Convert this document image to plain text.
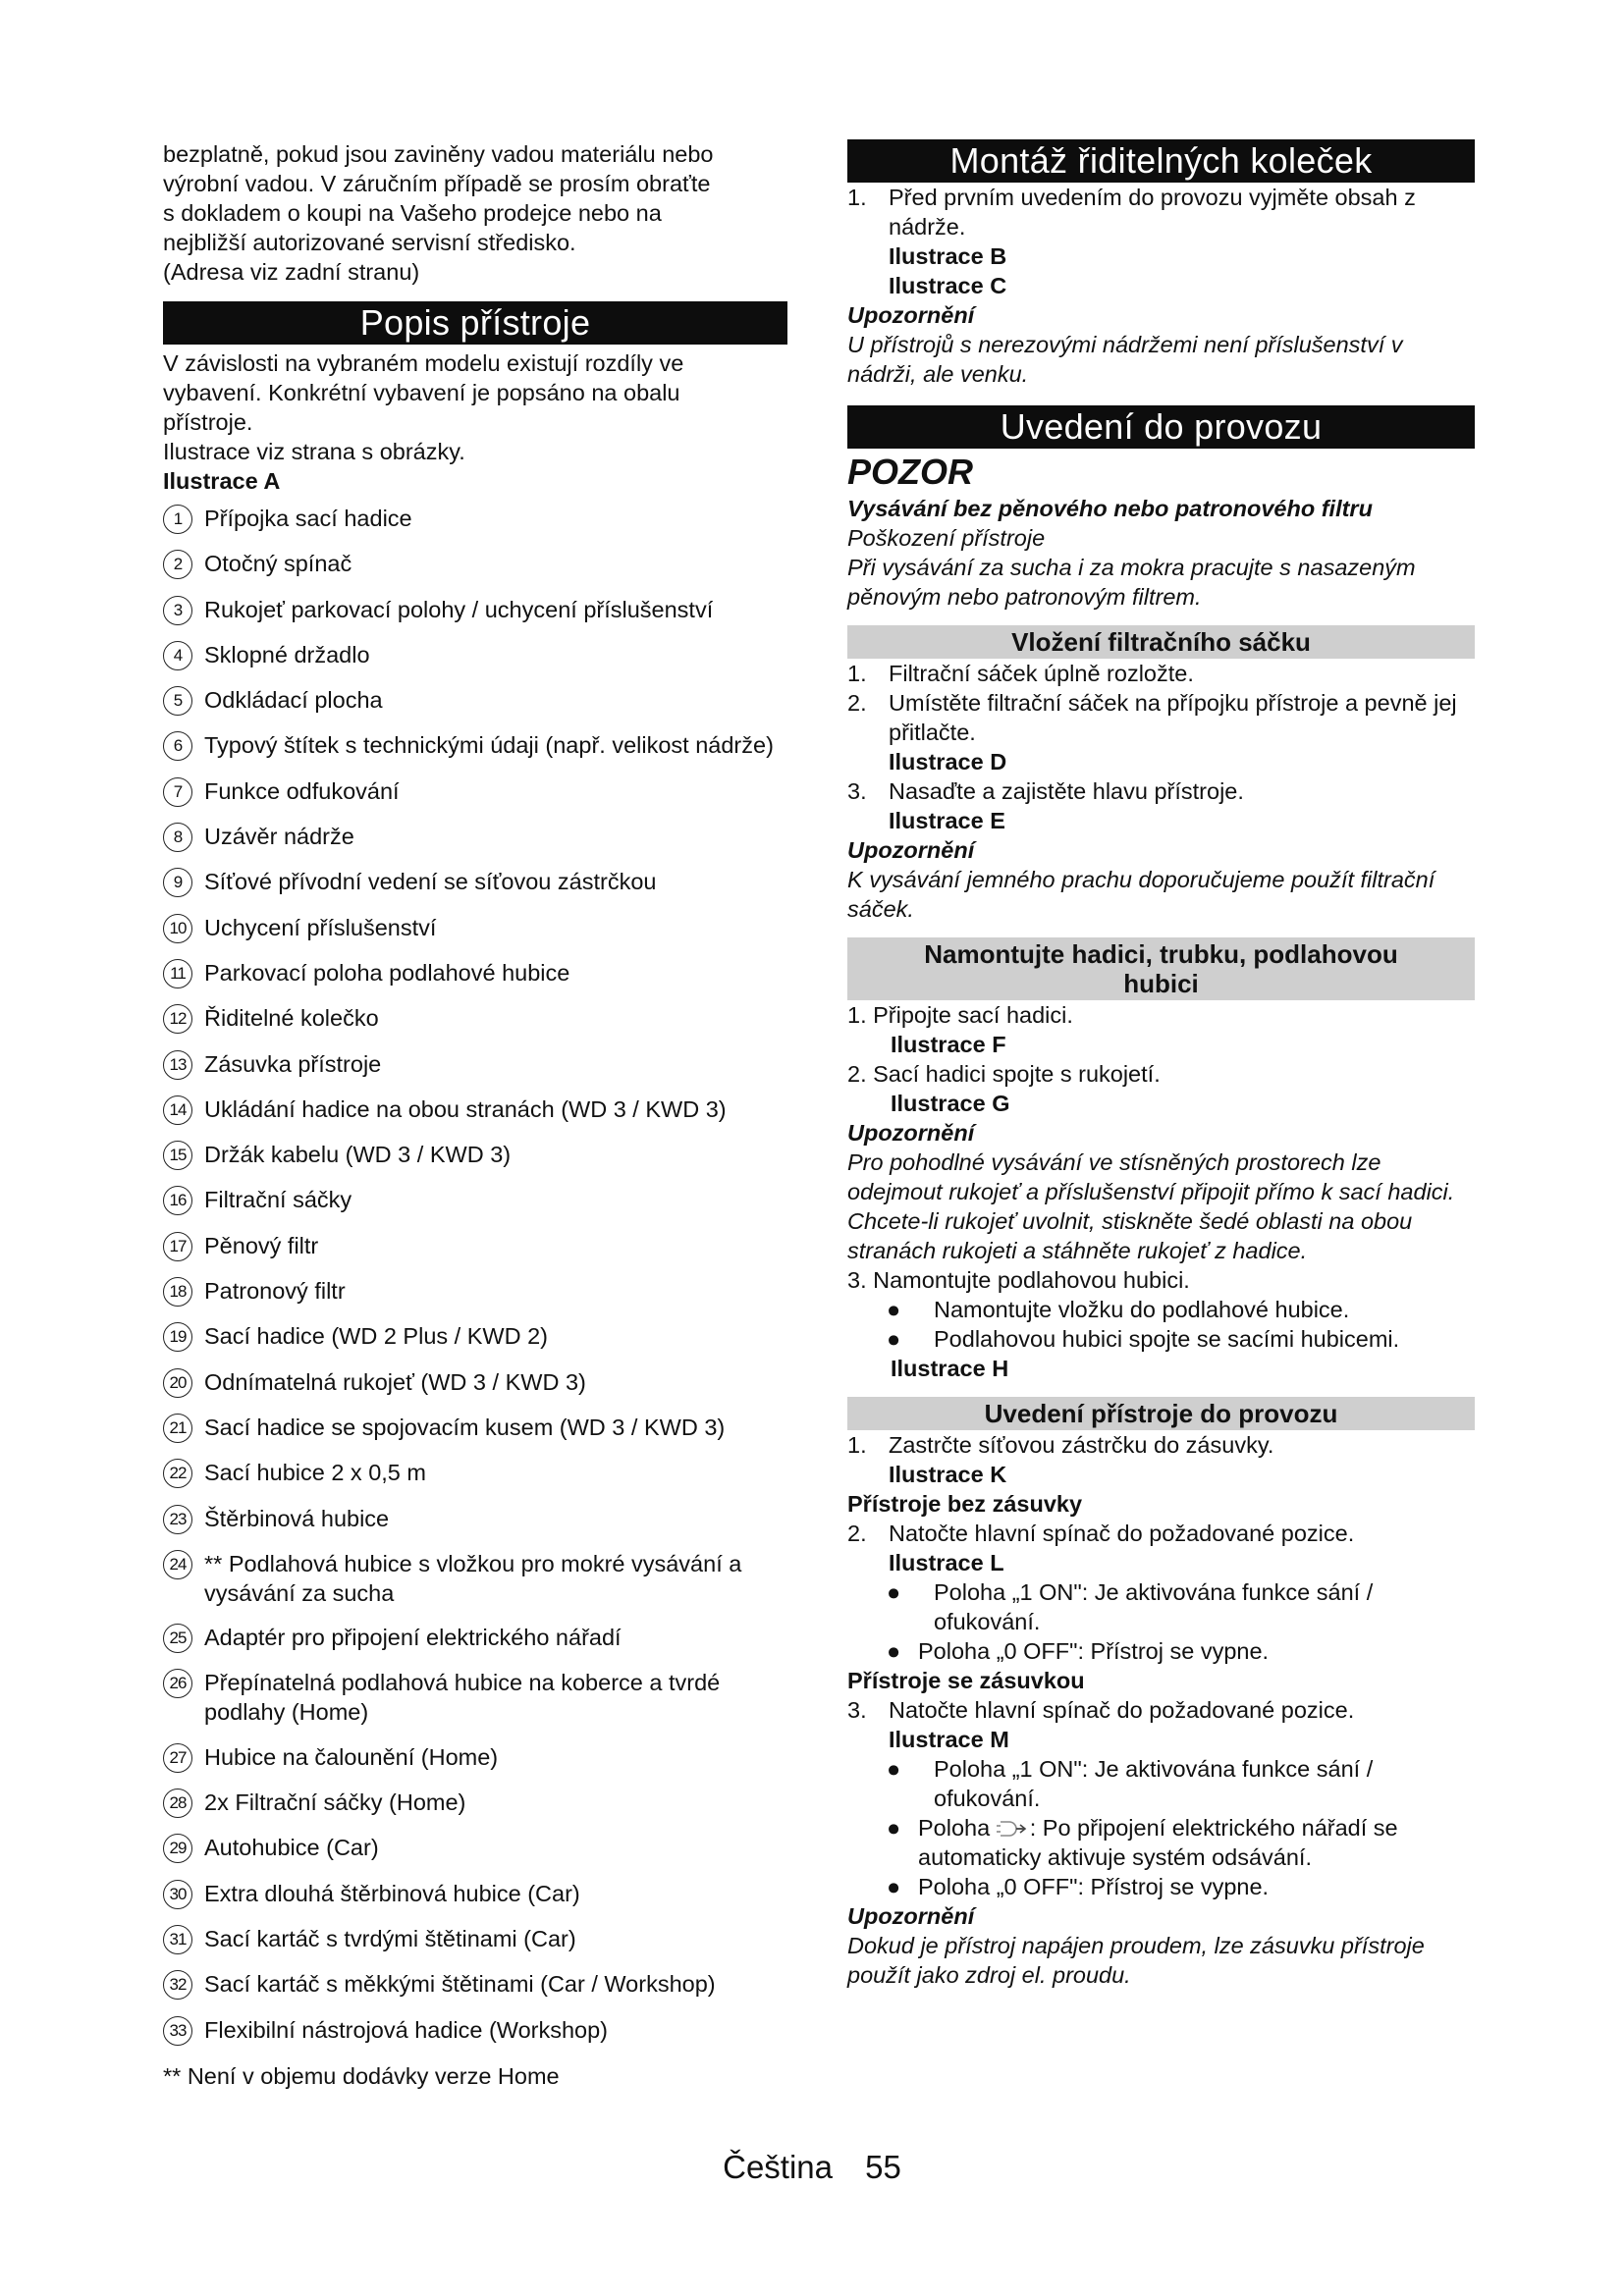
bezplatně, pokud jsou zaviněny vadou materiálu nebo

výrobní vadou. V záručním případě se prosím obraťte

s dokladem o koupi na Vašeho prodejce nebo na

nejbližší autorizované servisní středisko.

(Adresa viz zadní stranu)

Popis přístroje

V závislosti na vybraném modelu existují rozdíly ve

vybavení. Konkrétní vybavení je popsáno na obalu

přístroje.

Ilustrace viz strana s obrázky.

Ilustrace A

1 Přípojka sací hadice
2 Otočný spínač
3 Rukojeť parkovací polohy / uchycení příslušenství
4 Sklopné držadlo
5 Odkládací plocha
6 Typový štítek s technickými údaji (např. velikost nádrže)
7 Funkce odfukování
8 Uzávěr nádrže
9 Síťové přívodní vedení se síťovou zástrčkou
10 Uchycení příslušenství
11 Parkovací poloha podlahové hubice
12 Řiditelné kolečko
13 Zásuvka přístroje
14 Ukládání hadice na obou stranách (WD 3 / KWD 3)
15 Držák kabelu (WD 3 / KWD 3)
16 Filtrační sáčky
17 Pěnový filtr
18 Patronový filtr
19 Sací hadice (WD 2 Plus / KWD 2)
20 Odnímatelná rukojeť (WD 3 / KWD 3)
21 Sací hadice se spojovacím kusem (WD 3 / KWD 3)
22 Sací hubice 2 x 0,5 m
23 Štěrbinová hubice
24 ** Podlahová hubice s vložkou pro mokré vysávání a vysávání za sucha
25 Adaptér pro připojení elektrického nářadí
26 Přepínatelná podlahová hubice na koberce a tvrdé podlahy (Home)
27 Hubice na čalounění (Home)
28 2x Filtrační sáčky (Home)
29 Autohubice (Car)
30 Extra dlouhá štěrbinová hubice (Car)
31 Sací kartáč s tvrdými štětinami (Car)
32 Sací kartáč s měkkými štětinami (Car / Workshop)
33 Flexibilní nástrojová hadice (Workshop)

** Není v objemu dodávky verze Home

Montáž řiditelných koleček
1. Před prvním uvedením do provozu vyjměte obsah z nádrže.

Ilustrace B

Ilustrace C

Upozornění

U přístrojů s nerezovými nádržemi není příslušenství v nádrži, ale venku.

Uvedení do provozu

POZOR

Vysávání bez pěnového nebo patronového filtru

Poškození přístroje

Při vysávání za sucha i za mokra pracujte s nasazeným pěnovým nebo patronovým filtrem.

Vložení filtračního sáčku
1. Filtrační sáček úplně rozložte.
2. Umístěte filtrační sáček na přípojku přístroje a pevně jej přitlačte.

Ilustrace D

3. Nasaďte a zajistěte hlavu přístroje.

Ilustrace E

Upozornění

K vysávání jemného prachu doporučujeme použít filtrační sáček.

Namontujte hadici, trubku, podlahovou
hubici

1. Připojte sací hadici.

Ilustrace F

2. Sací hadici spojte s rukojetí.

Ilustrace G

Upozornění

Pro pohodlné vysávání ve stísněných prostorech lze odejmout rukojeť a příslušenství připojit přímo k sací hadici.

Chcete-li rukojeť uvolnit, stiskněte šedé oblasti na obou stranách rukojeti a stáhněte rukojeť z hadice.

3. Namontujte podlahovou hubici.

●	Namontujte vložku do podlahové hubice.
●	Podlahovou hubici spojte se sacími hubicemi.

Ilustrace H

Uvedení přístroje do provozu
1. Zastrčte síťovou zástrčku do zásuvky.

Ilustrace K

Přístroje bez zásuvky

2. Natočte hlavní spínač do požadované pozice.

Ilustrace L

●	Poloha „1 ON": Je aktivována funkce sání / ofukování.
● Poloha „0 OFF": Přístroj se vypne.

Přístroje se zásuvkou

3. Natočte hlavní spínač do požadované pozice.

Ilustrace M

●	Poloha „1 ON": Je aktivována funkce sání / ofukování.
● Poloha : Po připojení elektrického nářadí se automaticky aktivuje systém odsávání.
● Poloha „0 OFF": Přístroj se vypne.

Upozornění

Dokud je přístroj napájen proudem, lze zásuvku přístroje použít jako zdroj el. proudu.

Čeština 55
